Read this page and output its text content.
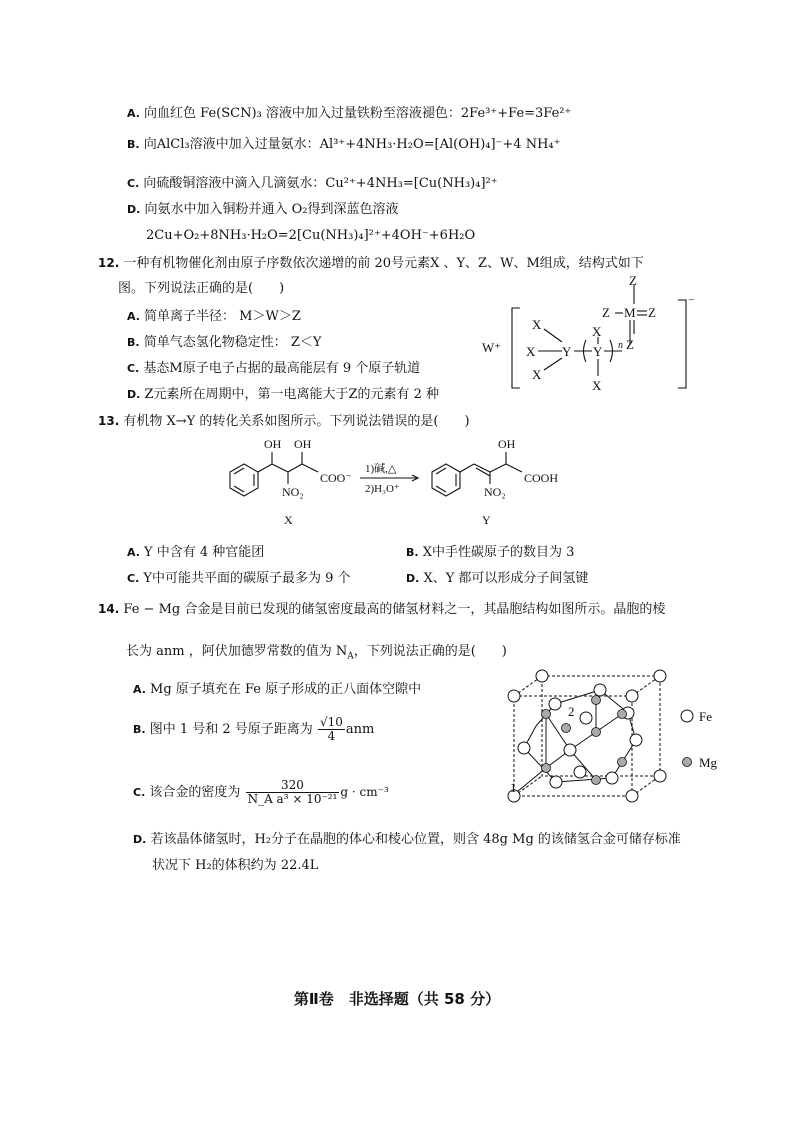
A. 向血红色 Fe(SCN)₃ 溶液中加入过量铁粉至溶液褪色：2Fe³⁺+Fe=3Fe²⁺
B. 向AlCl₃溶液中加入过量氨水：Al³⁺+4NH₃·H₂O=[Al(OH)₄]⁻+4 NH₄⁺
C. 向硫酸铜溶液中滴入几滴氨水：Cu²⁺+4NH₃=[Cu(NH₃)₄]²⁺
D. 向氨水中加入铜粉并通入 O₂得到深蓝色溶液
2Cu+O₂+8NH₃·H₂O=2[Cu(NH₃)₄]²⁺+4OH⁻+6H₂O
12. 一种有机物催化剂由原子序数依次递增的前 20号元素X 、Y、Z、W、M组成，结构式如下
图。下列说法正确的是(　　)
A. 简单离子半径： M＞W＞Z
B. 简单气态氢化物稳定性： Z＜Y
C. 基态M原子电子占据的最高能层有 9 个原子轨道
D. Z元素所在周期中，第一电离能大于Z的元素有 2 种
W⁺
X
X
X
Y
X
Y
X
n Z
Z M Z
Z
⁻
13. 有机物 X→Y 的转化关系如图所示。下列说法错误的是(　　)
OH OH
NO₂
COO⁻
1)碱,△
2)H₃O⁺
OH
NO₂
COOH
X	Y
A. Y 中含有 4 种官能团	B. X中手性碳原子的数目为 3
C. Y中可能共平面的碳原子最多为 9 个	D. X、Y 都可以形成分子间氢键
14. Fe − Mg 合金是目前已发现的储氢密度最高的储氢材料之一，其晶胞结构如图所示。晶胞的棱
长为 anm ，阿伏加德罗常数的值为 $N_A$，下列说法正确的是(　　)
A. Mg 原子填充在 Fe 原子形成的正八面体空隙中
B. 图中 1 号和 2 号原子距离为 $\frac{√10}{4}$ anm
C. 该合金的密度为 $\frac{320}{\text{N\_A a³ × 10⁻²¹}}$ g · cm⁻³
D. 若该晶体储氢时，H₂分子在晶胞的体心和棱心位置，则含 48g Mg 的该储氢合金可储存标准
状况下 H₂的体积约为 22.4L
1
2	Fe
Mg
第Ⅱ卷　非选择题（共 58 分）
